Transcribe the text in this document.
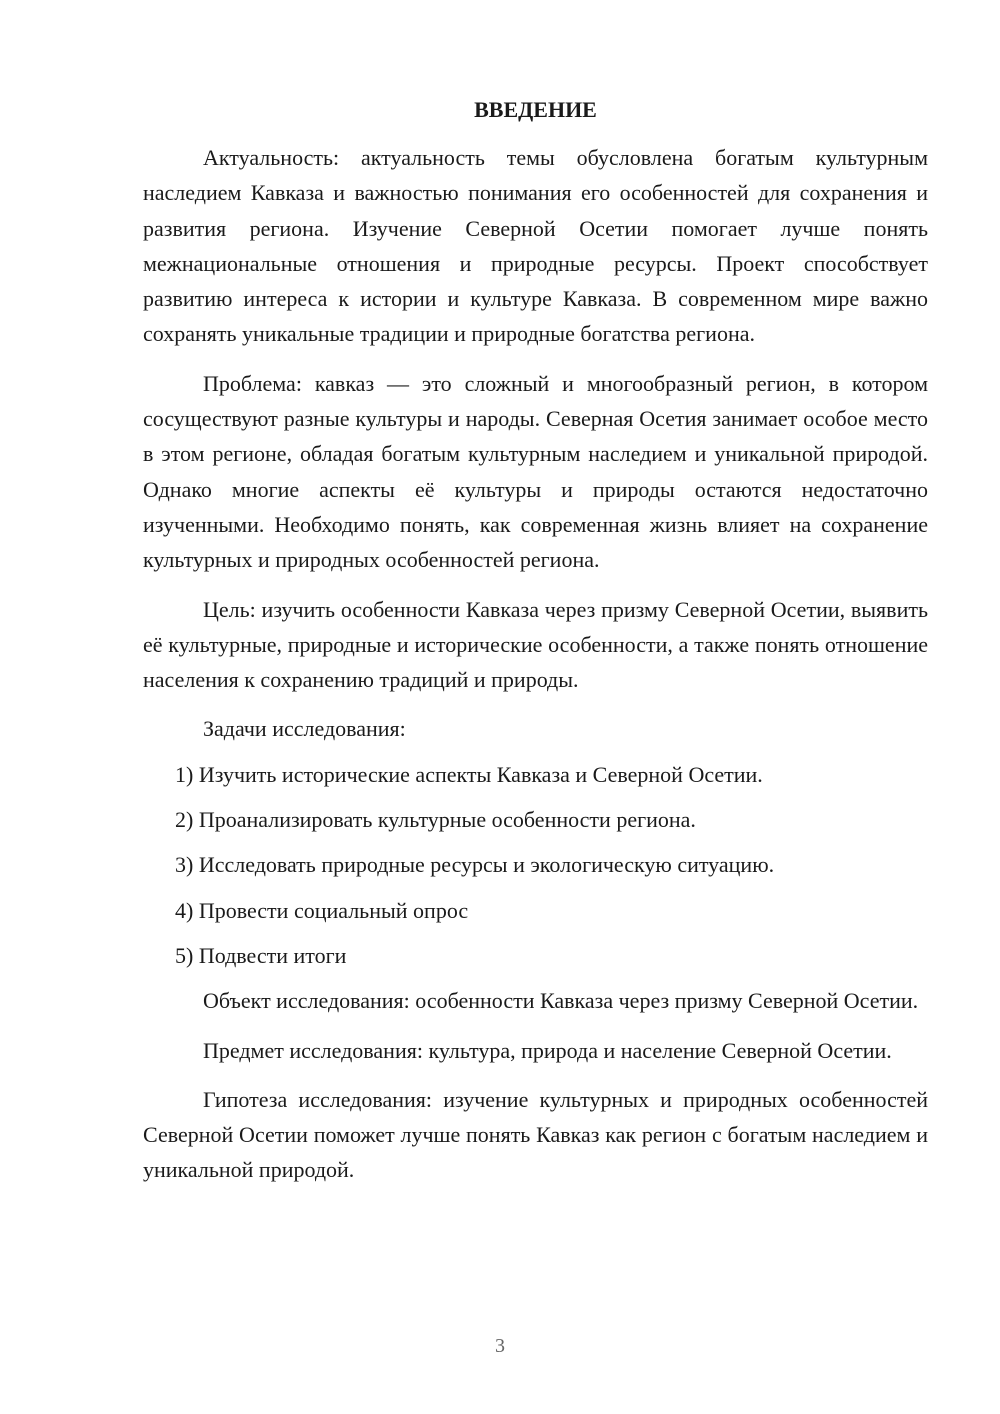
ВВЕДЕНИЕ

Актуальность: актуальность темы обусловлена богатым культурным наследием Кавказа и важностью понимания его особенностей для сохранения и развития региона. Изучение Северной Осетии помогает лучше понять межнациональные отношения и природные ресурсы. Проект способствует развитию интереса к истории и культуре Кавказа. В современном мире важно сохранять уникальные традиции и природные богатства региона.

Проблема: кавказ — это сложный и многообразный регион, в котором сосуществуют разные культуры и народы. Северная Осетия занимает особое место в этом регионе, обладая богатым культурным наследием и уникальной природой. Однако многие аспекты её культуры и природы остаются недостаточно изученными. Необходимо понять, как современная жизнь влияет на сохранение культурных и природных особенностей региона.

Цель: изучить особенности Кавказа через призму Северной Осетии, выявить её культурные, природные и исторические особенности, а также понять отношение населения к сохранению традиций и природы.

Задачи исследования:

1) Изучить исторические аспекты Кавказа и Северной Осетии.
2) Проанализировать культурные особенности региона.
3) Исследовать природные ресурсы и экологическую ситуацию.
4) Провести социальный опрос
5) Подвести итоги

Объект исследования: особенности Кавказа через призму Северной Осетии.

Предмет исследования: культура, природа и население Северной Осетии.

Гипотеза исследования: изучение культурных и природных особенностей Северной Осетии поможет лучше понять Кавказ как регион с богатым наследием и уникальной природой.

3
